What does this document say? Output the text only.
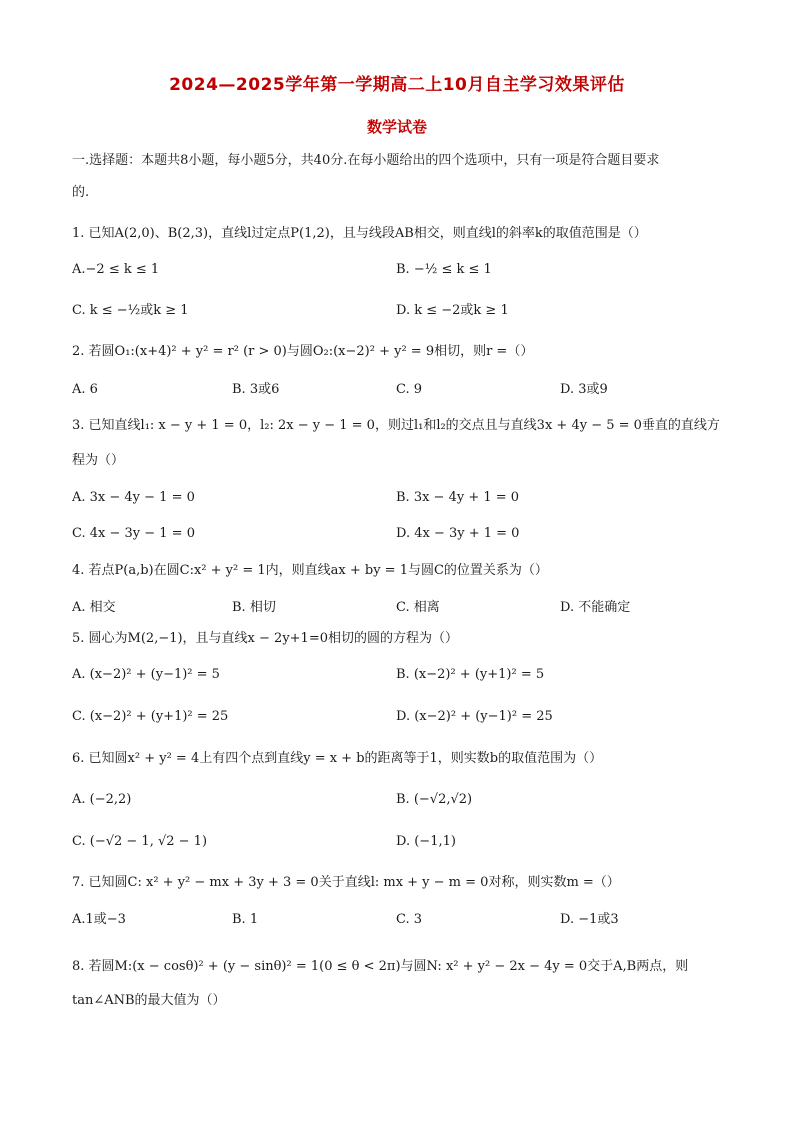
2024—2025学年第一学期高二上10月自主学习效果评估
数学试卷
一.选择题：本题共8小题，每小题5分，共40分.在每小题给出的四个选项中，只有一项是符合题目要求
的.
1. 已知A(2,0)、B(2,3)，直线l过定点P(1,2)，且与线段AB相交，则直线l的斜率k的取值范围是（）
A.−2 ≤ k ≤ 1	B. −½ ≤ k ≤ 1
C. k ≤ −½或k ≥ 1	D. k ≤ −2或k ≥ 1
2. 若圆O₁:(x+4)² + y² = r² (r > 0)与圆O₂:(x−2)² + y² = 9相切，则r =（）
A. 6	B. 3或6	C. 9	D. 3或9
3. 已知直线l₁: x − y + 1 = 0，l₂: 2x − y − 1 = 0，则过l₁和l₂的交点且与直线3x + 4y − 5 = 0垂直的直线方
程为（）
A. 3x − 4y − 1 = 0	B. 3x − 4y + 1 = 0
C. 4x − 3y − 1 = 0	D. 4x − 3y + 1 = 0
4. 若点P(a,b)在圆C:x² + y² = 1内，则直线ax + by = 1与圆C的位置关系为（）
A. 相交	B. 相切	C. 相离	D. 不能确定
5. 圆心为M(2,−1)，且与直线x − 2y+1=0相切的圆的方程为（）
A. (x−2)² + (y−1)² = 5	B. (x−2)² + (y+1)² = 5
C. (x−2)² + (y+1)² = 25	D. (x−2)² + (y−1)² = 25
6. 已知圆x² + y² = 4上有四个点到直线y = x + b的距离等于1，则实数b的取值范围为（）
A. (−2,2)	B. (−√2,√2)
C. (−√2 − 1, √2 − 1)	D. (−1,1)
7. 已知圆C: x² + y² − mx + 3y + 3 = 0关于直线l: mx + y − m = 0对称，则实数m =（）
A.1或−3	B. 1	C. 3	D. −1或3
8. 若圆M:(x − cosθ)² + (y − sinθ)² = 1(0 ≤ θ < 2π)与圆N: x² + y² − 2x − 4y = 0交于A,B两点，则
tan∠ANB的最大值为（）
